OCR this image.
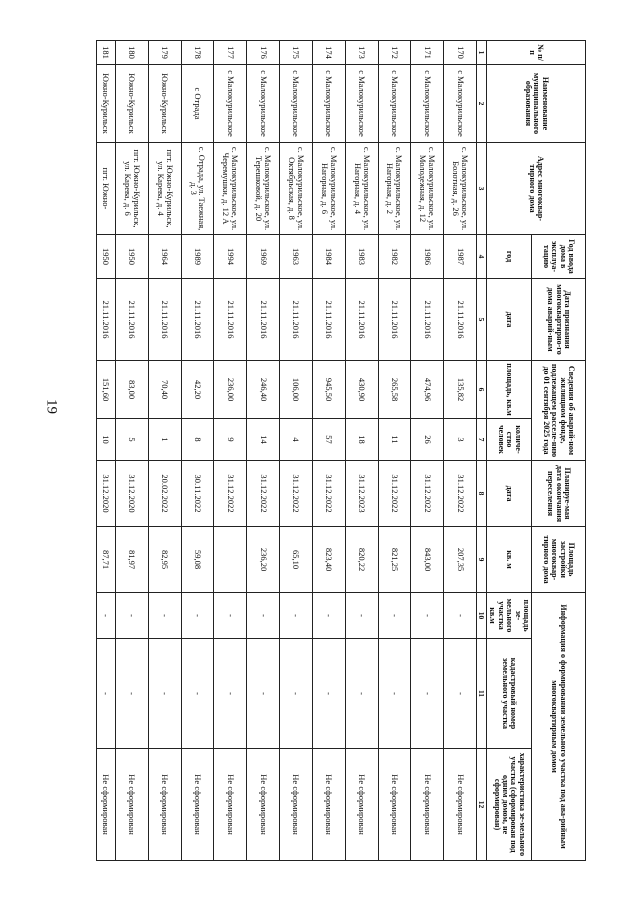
19
№ п/п	Наименование муниципального образования	Адрес многоквар-тирного дома	Год ввода дома в эксплуа-тацию	Дата признания многоквартирно-го дома аварий-ным	Сведения об аварий-ном жилищном фонде, подлежащем расселе-нию до 01 сентября 2025 года		Планируе-мая дата окончания переселения	Площадь застройки многоквар-тирного дома	Информация о формировании земельного участка под ава-рийным многоквартирным домом		
			год	дата	площадь, кв.м	количе-ство человек	дата	кв. м	площадь зе-мельного участка
кв.м	кадастровый номер земельного участка	характеристика зе-мельного участка (сформирован под одним домом, не сформирован)
1	2	3	4	5	6	7	8	9	10	11	12
170	с Малокурильское	с. Малокурильское, ул. Болотная, д. 26	1987	21.11.2016	135,82	3	31.12.2022	207,35	-	-	Не сформирован
171	с Малокурильское	с. Малокурильское, ул. Молодежная, д. 12	1986	21.11.2016	474,96	26	31.12.2022	843,00	-	-	Не сформирован
172	с Малокурильское	с. Малокурильское, ул. Нагорная, д. 2	1982	21.11.2016	265,58	11	31.12.2022	821,25	-	-	Не сформирован
173	с Малокурильское	с. Малокурильское, ул. Нагорная, д. 4	1983	21.11.2016	430,90	18	31.12.2023	820,22	-	-	Не сформирован
174	с Малокурильское	с. Малокурильское, ул. Нагорная, д. 6	1984	21.11.2016	945,50	57	31.12.2022	823,40	-	-	Не сформирован
175	с Малокурильское	с. Малокурильское, ул. Октябрьская, д. 8	1963	21.11.2016	106,00	4	31.12.2022	65,10	-	-	Не сформирован
176	с Малокурильское	с. Малокурильское, ул. Терешковой, д. 20	1969	21.11.2016	246,40	14	31.12.2022	236,20	-	-	Не сформирован
177	с Малокурильское	с. Малокурильское, ул. Черемушки, д. 12 А	1994	21.11.2016	236,00	9	31.12.2022		-	-	Не сформирован
178	с Отрада	с. Отрада, ул. Таежная, д. 3	1989	21.11.2016	42,20	8	30.11.2022	59,08	-	-	Не сформирован
179	Южно-Курильск	пгт. Южно-Курильск, ул. Карева, д. 4	1964	21.11.2016	70,40	1	20.02.2022	82,95	-	-	Не сформирован
180	Южно-Курильск	пгт. Южно-Курильск, ул. Карева, д. 6	1950	21.11.2016	83,00	5	31.12.2020	81,97	-	-	Не сформирован
181	Южно-Курильск	пгт. Южно-	1950	21.11.2016	151,60	10	31.12.2020	87,71	-	-	Не сформирован
